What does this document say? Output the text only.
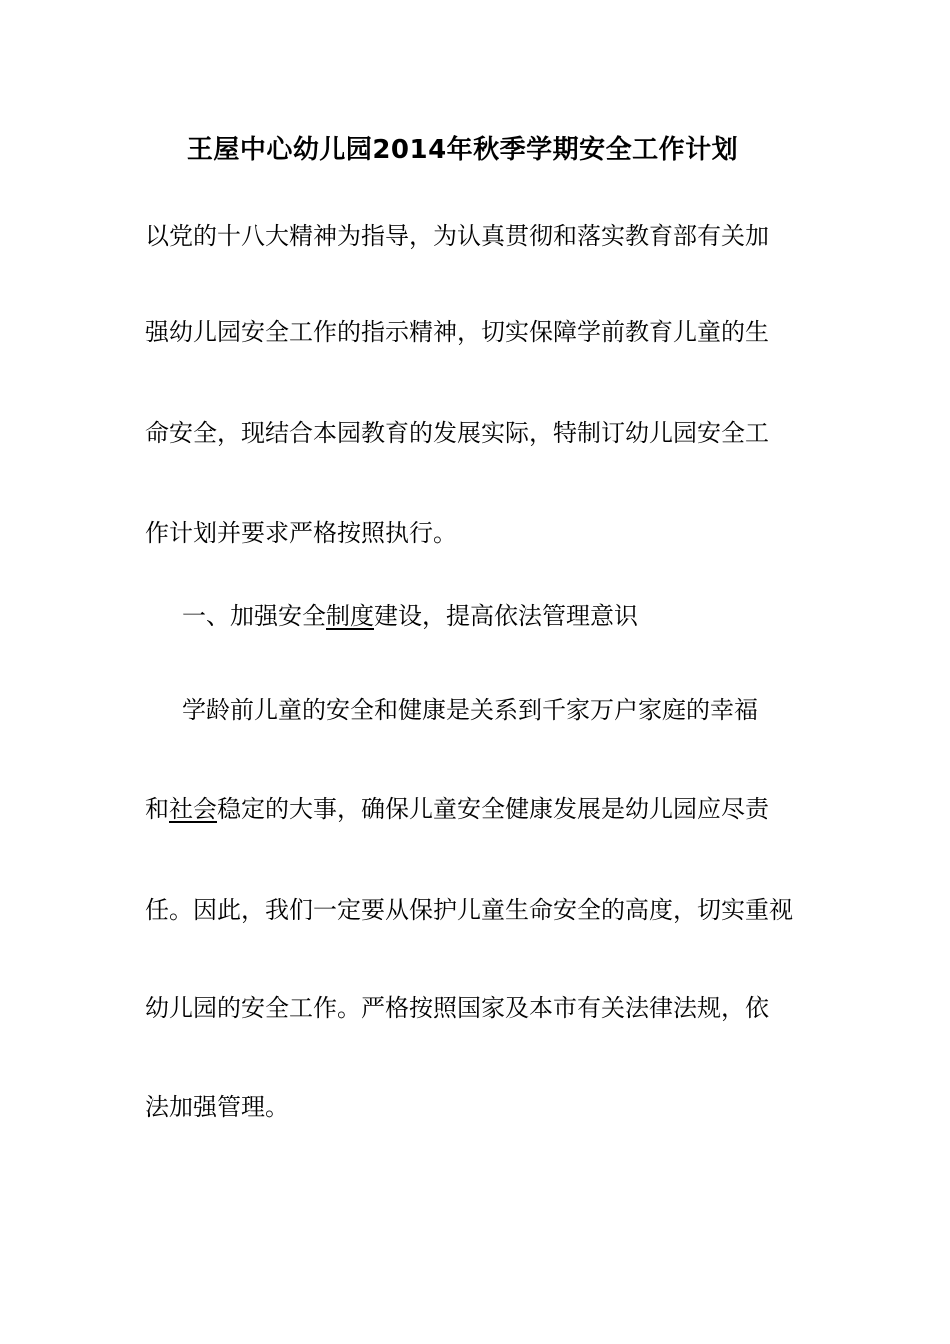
王屋中心幼儿园2014年秋季学期安全工作计划
以党的十八大精神为指导，为认真贯彻和落实教育部有关加
强幼儿园安全工作的指示精神，切实保障学前教育儿童的生
命安全，现结合本园教育的发展实际，特制订幼儿园安全工
作计划并要求严格按照执行。
一、加强安全制度建设，提高依法管理意识
学龄前儿童的安全和健康是关系到千家万户家庭的幸福
和社会稳定的大事，确保儿童安全健康发展是幼儿园应尽责
任。因此，我们一定要从保护儿童生命安全的高度，切实重视
幼儿园的安全工作。严格按照国家及本市有关法律法规，依
法加强管理。
